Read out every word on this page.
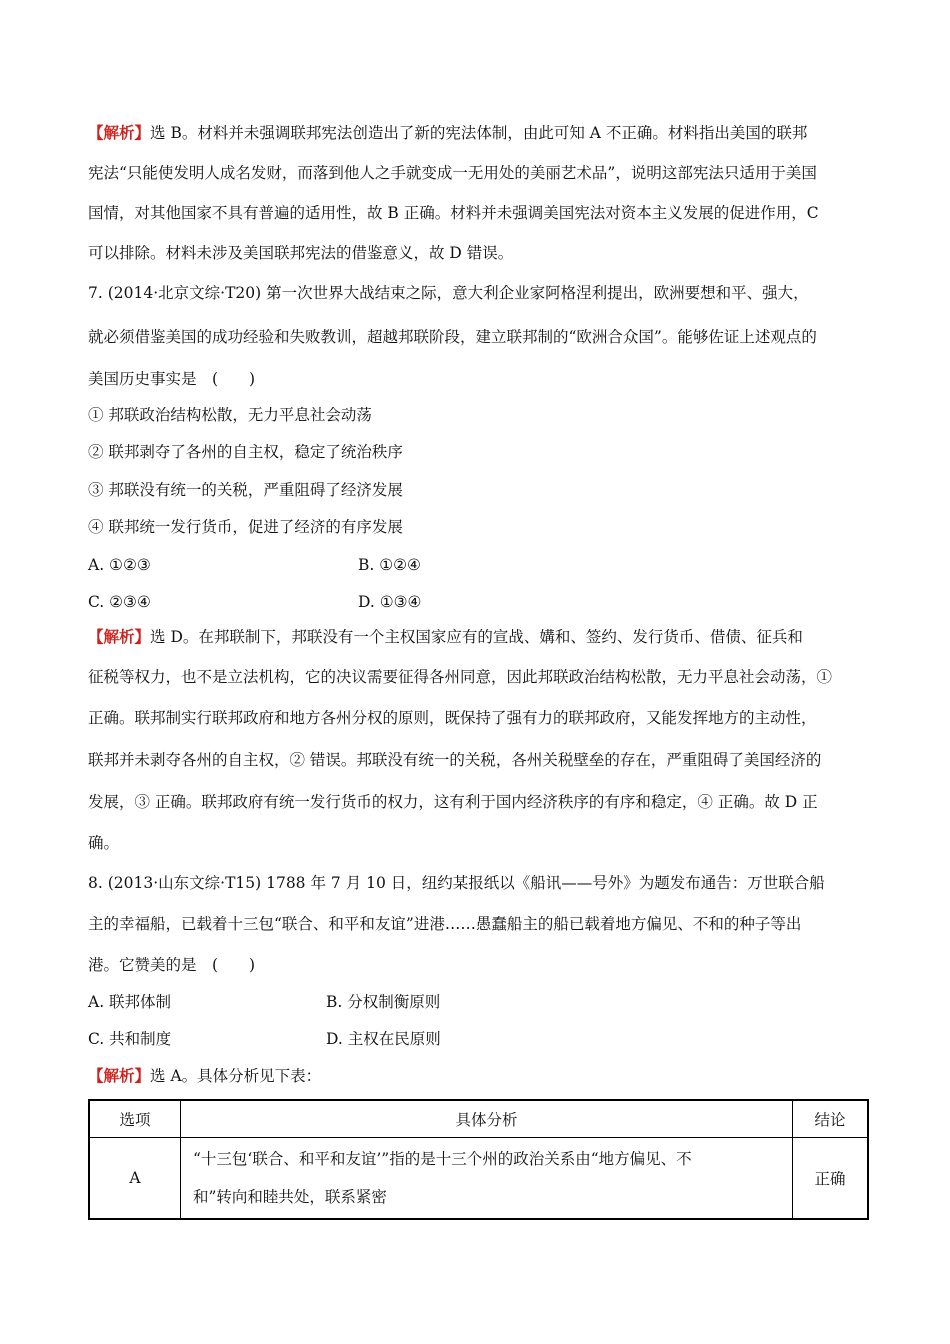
【解析】选 B。材料并未强调联邦宪法创造出了新的宪法体制，由此可知 A 不正确。材料指出美国的联邦
宪法“只能使发明人成名发财，而落到他人之手就变成一无用处的美丽艺术品”，说明这部宪法只适用于美国
国情，对其他国家不具有普遍的适用性，故 B 正确。材料并未强调美国宪法对资本主义发展的促进作用，C
可以排除。材料未涉及美国联邦宪法的借鉴意义，故 D 错误。
7. (2014·北京文综·T20) 第一次世界大战结束之际，意大利企业家阿格涅利提出，欧洲要想和平、强大，
就必须借鉴美国的成功经验和失败教训，超越邦联阶段，建立联邦制的“欧洲合众国”。能够佐证上述观点的
美国历史事实是　(　　)
① 邦联政治结构松散，无力平息社会动荡
② 联邦剥夺了各州的自主权，稳定了统治秩序
③ 邦联没有统一的关税，严重阻碍了经济发展
④ 联邦统一发行货币，促进了经济的有序发展
A. ①②③	B. ①②④
C. ②③④	D. ①③④
【解析】选 D。在邦联制下，邦联没有一个主权国家应有的宣战、媾和、签约、发行货币、借债、征兵和
征税等权力，也不是立法机构，它的决议需要征得各州同意，因此邦联政治结构松散，无力平息社会动荡，①
正确。联邦制实行联邦政府和地方各州分权的原则，既保持了强有力的联邦政府，又能发挥地方的主动性，
联邦并未剥夺各州的自主权，② 错误。邦联没有统一的关税，各州关税壁垒的存在，严重阻碍了美国经济的
发展，③ 正确。联邦政府有统一发行货币的权力，这有利于国内经济秩序的有序和稳定，④ 正确。故 D 正
确。
8. (2013·山东文综·T15) 1788 年 7 月 10 日，纽约某报纸以《船讯——号外》为题发布通告：万世联合船
主的幸福船，已载着十三包“联合、和平和友谊”进港……愚蠢船主的船已载着地方偏见、不和的种子等出
港。它赞美的是　(　　)
A. 联邦体制	B. 分权制衡原则
C. 共和制度	D. 主权在民原则
【解析】选 A。具体分析见下表：
选项	具体分析	结论
A	“十三包‘联合、和平和友谊’”指的是十三个州的政治关系由“地方偏见、不
和”转向和睦共处，联系紧密	正确
